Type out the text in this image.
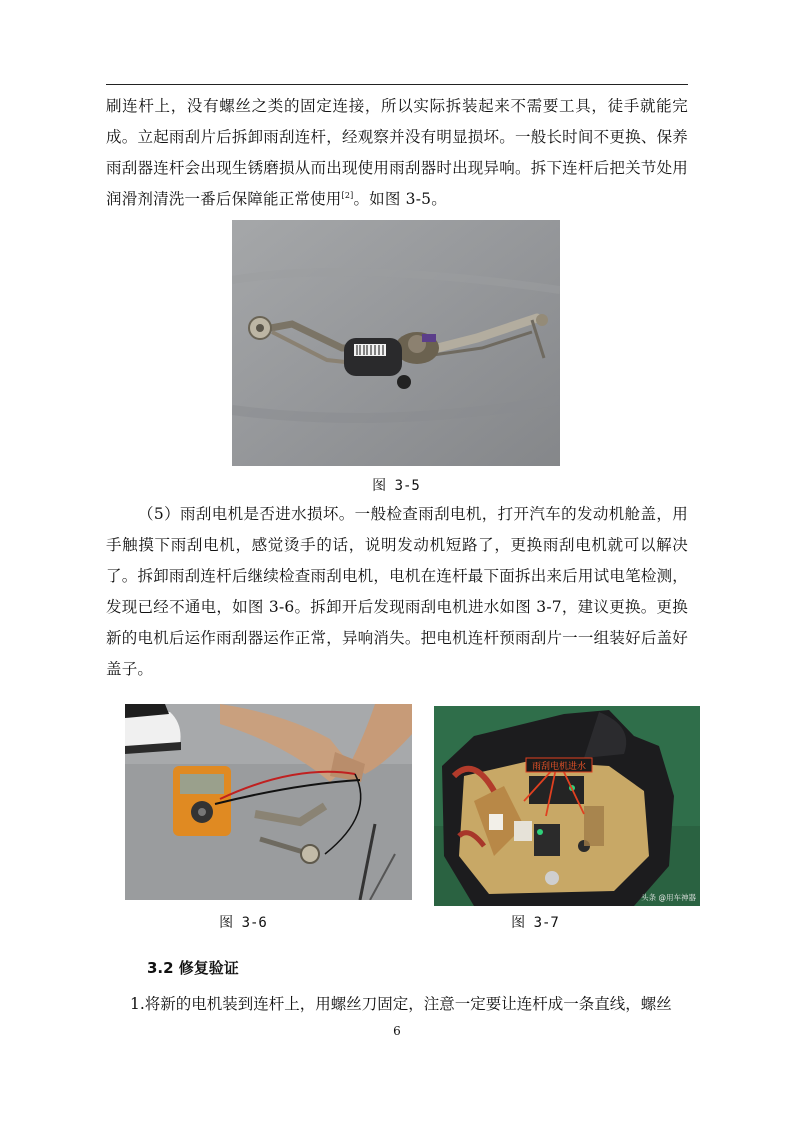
刷连杆上，没有螺丝之类的固定连接，所以实际拆装起来不需要工具，徒手就能完成。立起雨刮片后拆卸雨刮连杆，经观察并没有明显损坏。一般长时间不更换、保养雨刮器连杆会出现生锈磨损从而出现使用雨刮器时出现异响。拆下连杆后把关节处用润滑剂清洗一番后保障能正常使用[2]。如图 3-5。
图 3-5
（5）雨刮电机是否进水损坏。一般检查雨刮电机，打开汽车的发动机舱盖，用手触摸下雨刮电机，感觉烫手的话，说明发动机短路了，更换雨刮电机就可以解决了。拆卸雨刮连杆后继续检查雨刮电机，电机在连杆最下面拆出来后用试电笔检测，发现已经不通电，如图 3-6。拆卸开后发现雨刮电机进水如图 3-7，建议更换。更换新的电机后运作雨刮器运作正常，异响消失。把电机连杆预雨刮片一一组装好后盖好盖子。
雨刮电机进水
头条 @用车神器
图 3-6	图 3-7
3.2 修复验证
1.将新的电机装到连杆上，用螺丝刀固定，注意一定要让连杆成一条直线，螺丝
6
